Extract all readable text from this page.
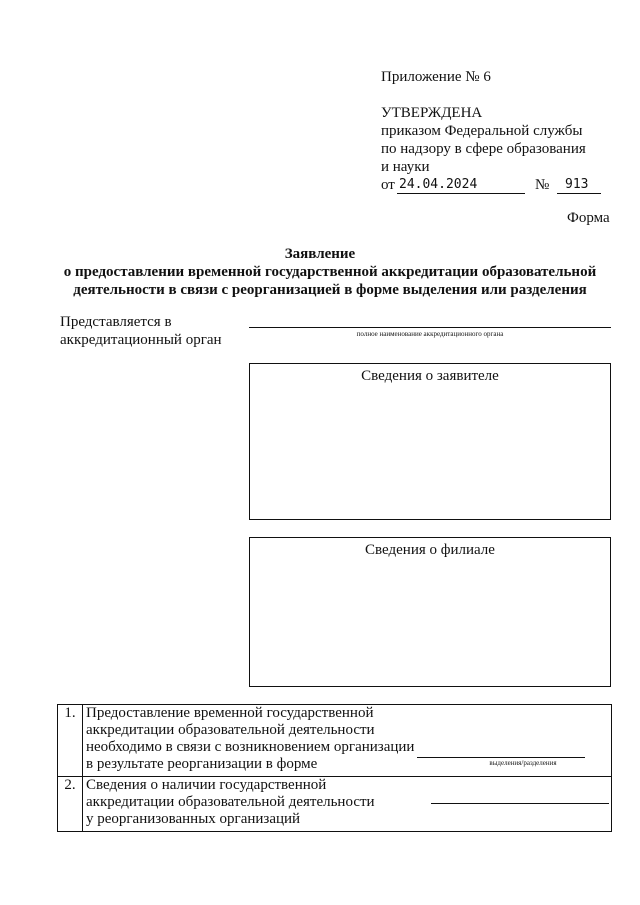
Приложение № 6
УТВЕРЖДЕНА
приказом Федеральной службы
по надзору в сфере образования
и науки
от 24.04.2024	№ 913
Форма
Заявление
о предоставлении временной государственной аккредитации образовательной
деятельности в связи с реорганизацией в форме выделения или разделения
Представляется в
аккредитационный орган	полное наименование аккредитационного органа
Сведения о заявителе
Сведения о филиале
1.	Предоставление временной государственной
аккредитации образовательной деятельности
необходимо в связи с возникновением организации
в результате реорганизации в форме выделения/разделения

2.	Сведения о наличии государственной
аккредитации образовательной деятельности
у реорганизованных организаций
